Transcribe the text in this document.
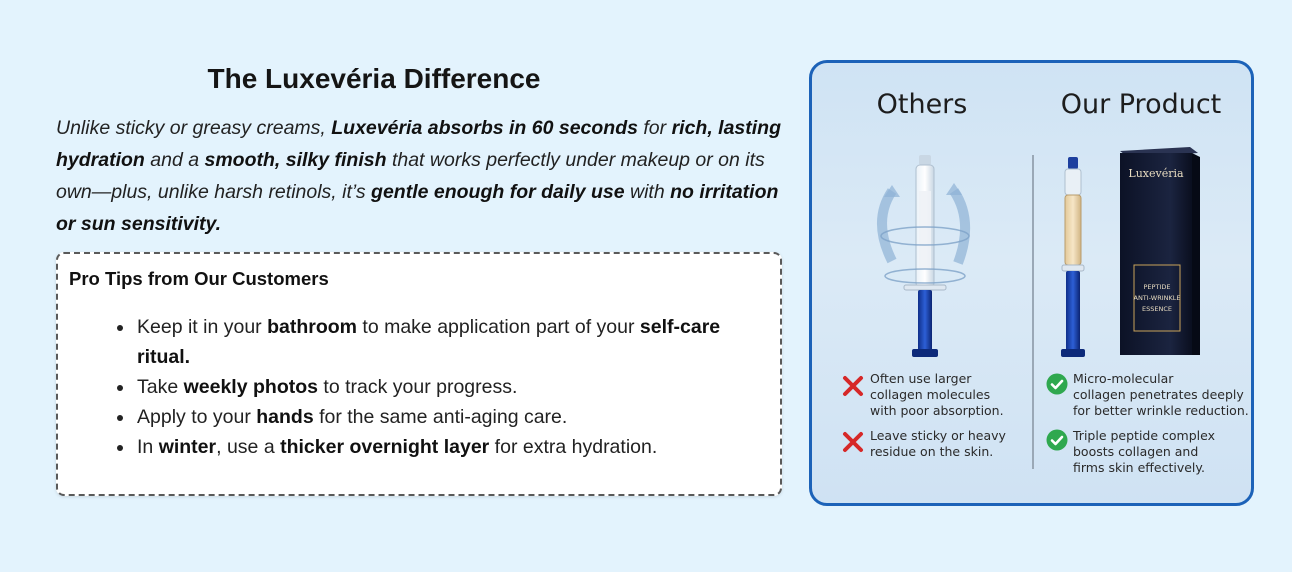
The Luxevéria Difference

Unlike sticky or greasy creams, Luxevéria absorbs in 60 seconds for rich, lasting hydration and a smooth, silky finish that works perfectly under makeup or on its own—plus, unlike harsh retinols, it’s gentle enough for daily use with no irritation or sun sensitivity.

Pro Tips from Our Customers

• Keep it in your bathroom to make application part of your self-care ritual.
• Take weekly photos to track your progress.
• Apply to your hands for the same anti-aging care.
• In winter, use a thicker overnight layer for extra hydration.
Others	Our Product
Luxevéria
PEPTIDE
ANTI-WRINKLE
ESSENCE
Often use larger
collagen molecules
with poor absorption.
Leave sticky or heavy
residue on the skin.
Micro-molecular
collagen penetrates deeply
for better wrinkle reduction.
Triple peptide complex
boosts collagen and
firms skin effectively.
